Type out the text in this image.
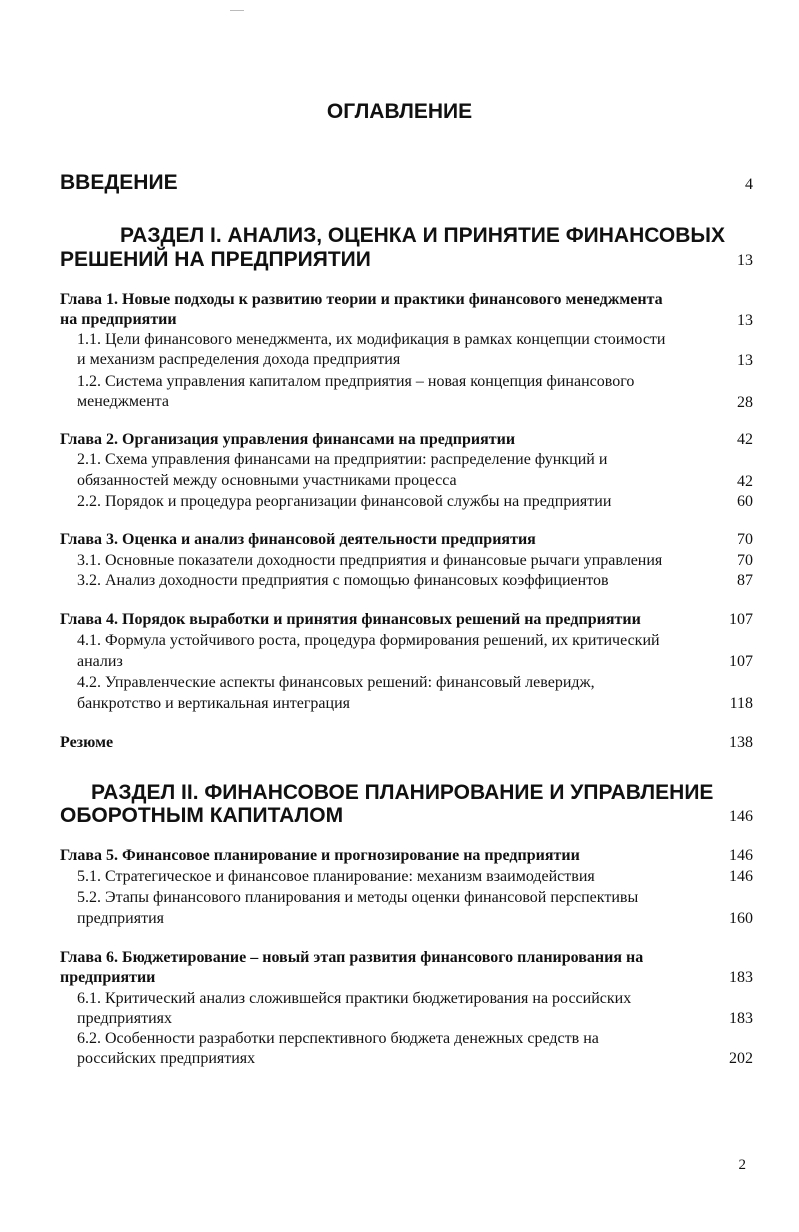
ОГЛАВЛЕНИЕ
ВВЕДЕНИЕ	4
РАЗДЕЛ I. АНАЛИЗ, ОЦЕНКА И ПРИНЯТИЕ ФИНАНСОВЫХ
РЕШЕНИЙ НА ПРЕДПРИЯТИИ	13
Глава 1. Новые подходы к развитию теории и практики финансового менеджмента
на предприятии	13
1.1. Цели финансового менеджмента, их модификация в рамках концепции стоимости
и механизм распределения дохода предприятия	13
1.2. Система управления капиталом предприятия – новая концепция финансового
менеджмента	28
Глава 2. Организация управления финансами на предприятии	42
2.1. Схема управления финансами на предприятии: распределение функций и
обязанностей между основными участниками процесса	42
2.2. Порядок и процедура реорганизации финансовой службы на предприятии	60
Глава 3. Оценка и анализ финансовой деятельности предприятия	70
3.1. Основные показатели доходности предприятия и финансовые рычаги управления	70
3.2. Анализ доходности предприятия с помощью финансовых коэффициентов	87
Глава 4. Порядок выработки и принятия финансовых решений на предприятии	107
4.1. Формула устойчивого роста, процедура формирования решений, их критический
анализ	107
4.2. Управленческие аспекты финансовых решений: финансовый леверидж,
банкротство и вертикальная интеграция	118
Резюме	138
РАЗДЕЛ II. ФИНАНСОВОЕ ПЛАНИРОВАНИЕ И УПРАВЛЕНИЕ
ОБОРОТНЫМ КАПИТАЛОМ	146
Глава 5. Финансовое планирование и прогнозирование на предприятии	146
5.1. Стратегическое и финансовое планирование: механизм взаимодействия	146
5.2. Этапы финансового планирования и методы оценки финансовой перспективы
предприятия	160
Глава 6. Бюджетирование – новый этап развития финансового планирования на
предприятии	183
6.1. Критический анализ сложившейся практики бюджетирования на российских
предприятиях	183
6.2. Особенности разработки перспективного бюджета денежных средств на
российских предприятиях	202
2
